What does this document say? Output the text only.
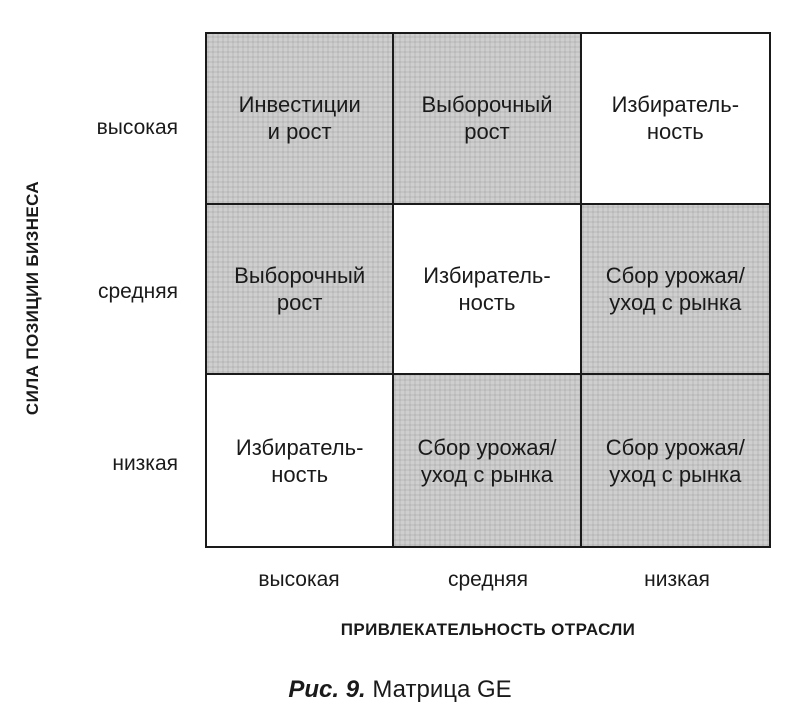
СИЛА ПОЗИЦИИ БИЗНЕСА
высокая
средняя
низкая
Инвестиции
и рост
Выборочный
рост
Избиратель-
ность
Выборочный
рост
Избиратель-
ность
Сбор урожая/
уход с рынка
Избиратель-
ность
Сбор урожая/
уход с рынка
Сбор урожая/
уход с рынка
высокая	средняя	низкая
ПРИВЛЕКАТЕЛЬНОСТЬ ОТРАСЛИ
Рис. 9. Матрица GE
